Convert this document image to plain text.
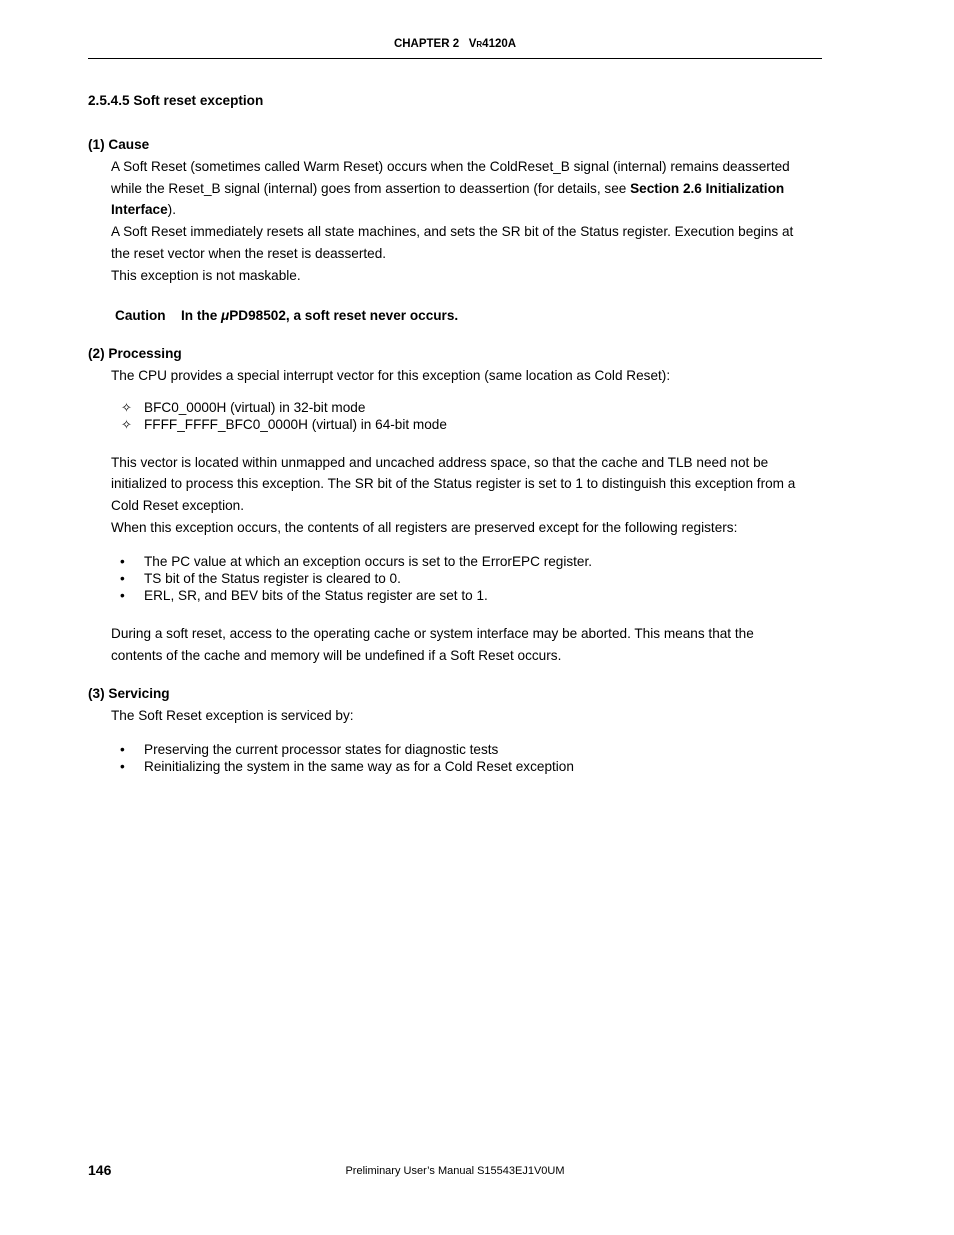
CHAPTER 2 VR4120A
2.5.4.5 Soft reset exception
(1) Cause
A Soft Reset (sometimes called Warm Reset) occurs when the ColdReset_B signal (internal) remains deasserted
while the Reset_B signal (internal) goes from assertion to deassertion (for details, see Section 2.6 Initialization
Interface).
A Soft Reset immediately resets all state machines, and sets the SR bit of the Status register. Execution begins at
the reset vector when the reset is deasserted.
This exception is not maskable.
Caution In the μPD98502, a soft reset never occurs.
(2) Processing
The CPU provides a special interrupt vector for this exception (same location as Cold Reset):
✧ BFC0_0000H (virtual) in 32-bit mode
✧ FFFF_FFFF_BFC0_0000H (virtual) in 64-bit mode
This vector is located within unmapped and uncached address space, so that the cache and TLB need not be
initialized to process this exception. The SR bit of the Status register is set to 1 to distinguish this exception from a
Cold Reset exception.
When this exception occurs, the contents of all registers are preserved except for the following registers:
• The PC value at which an exception occurs is set to the ErrorEPC register.
• TS bit of the Status register is cleared to 0.
• ERL, SR, and BEV bits of the Status register are set to 1.
During a soft reset, access to the operating cache or system interface may be aborted. This means that the
contents of the cache and memory will be undefined if a Soft Reset occurs.
(3) Servicing
The Soft Reset exception is serviced by:
• Preserving the current processor states for diagnostic tests
• Reinitializing the system in the same way as for a Cold Reset exception
146	Preliminary User’s Manual S15543EJ1V0UM
